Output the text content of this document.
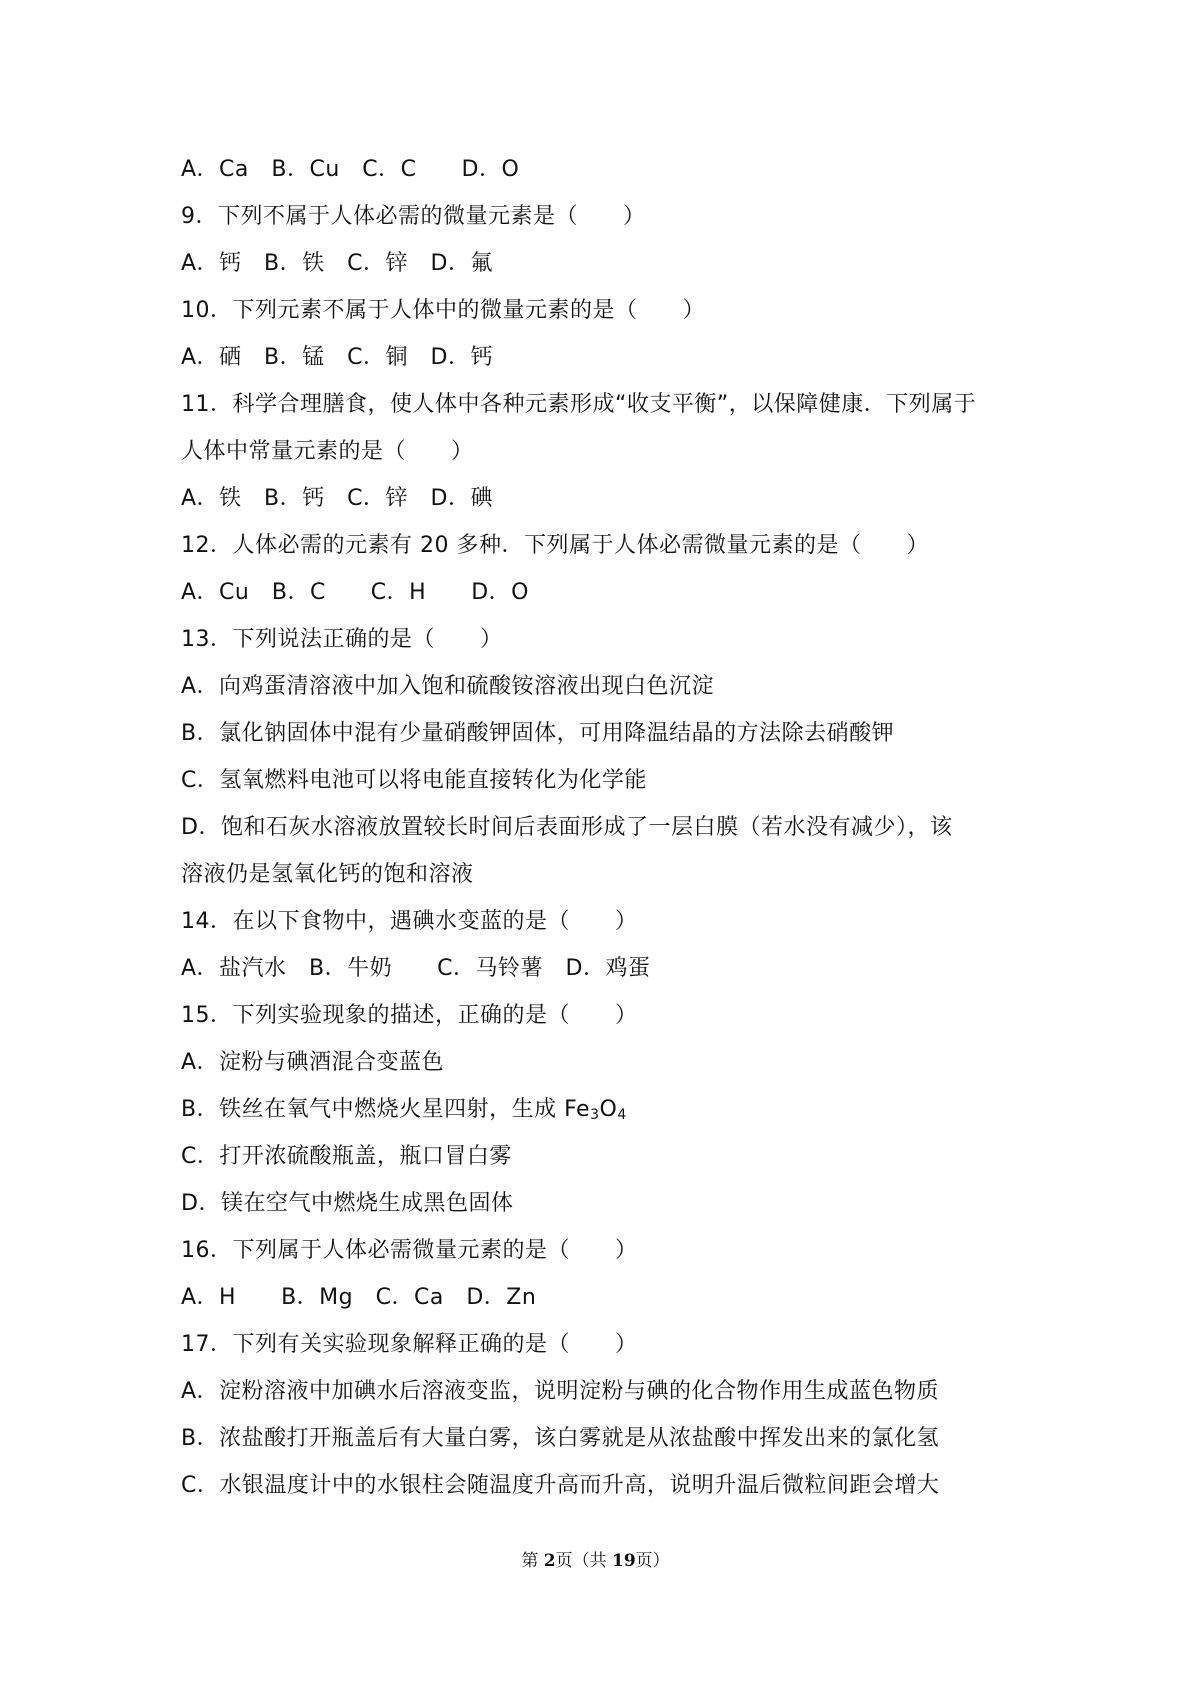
A．Ca　B．Cu　C．C　　D．O
9．下列不属于人体必需的微量元素是（　　）
A．钙　B．铁　C．锌　D．氟
10．下列元素不属于人体中的微量元素的是（　　）
A．硒　B．锰　C．铜　D．钙
11．科学合理膳食，使人体中各种元素形成“收支平衡”，以保障健康．下列属于
人体中常量元素的是（　　）
A．铁　B．钙　C．锌　D．碘
12．人体必需的元素有 20 多种．下列属于人体必需微量元素的是（　　）
A．Cu　B．C　　C．H　　D．O
13．下列说法正确的是（　　）
A．向鸡蛋清溶液中加入饱和硫酸铵溶液出现白色沉淀
B．氯化钠固体中混有少量硝酸钾固体，可用降温结晶的方法除去硝酸钾
C．氢氧燃料电池可以将电能直接转化为化学能
D．饱和石灰水溶液放置较长时间后表面形成了一层白膜（若水没有减少），该
溶液仍是氢氧化钙的饱和溶液
14．在以下食物中，遇碘水变蓝的是（　　）
A．盐汽水　B．牛奶　　C．马铃薯　D．鸡蛋
15．下列实验现象的描述，正确的是（　　）
A．淀粉与碘酒混合变蓝色
B．铁丝在氧气中燃烧火星四射，生成 $Fe_3O_4$
C．打开浓硫酸瓶盖，瓶口冒白雾
D．镁在空气中燃烧生成黑色固体
16．下列属于人体必需微量元素的是（　　）
A．H　　B．Mg　C．Ca　D．Zn
17．下列有关实验现象解释正确的是（　　）
A．淀粉溶液中加碘水后溶液变监，说明淀粉与碘的化合物作用生成蓝色物质
B．浓盐酸打开瓶盖后有大量白雾，该白雾就是从浓盐酸中挥发出来的氯化氢
C．水银温度计中的水银柱会随温度升高而升高，说明升温后微粒间距会增大
第 2页（共 19页）
